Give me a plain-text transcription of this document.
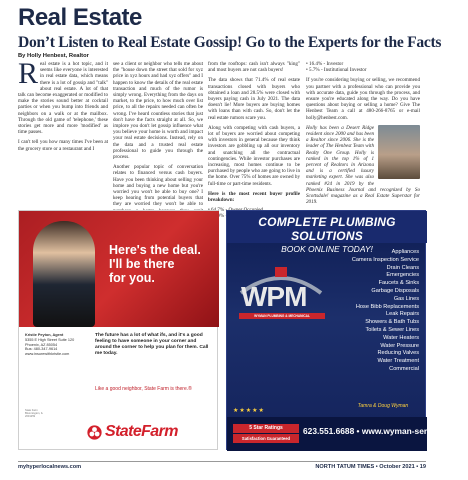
Real Estate
Don’t Listen to Real Estate Gossip! Go to the Experts for the Facts
By Holly Henbest, Realtor

Real estate is a hot topic, and it seems like everyone is interested in real estate data, which means there is a lot of gossip and "talk" about real estate. A lot of that talk can become exaggerated or modified to make the stories sound better at cocktail parties or when you bump into friends and neighbors on a walk or at the mailbox. Through the old game of 'telephone,' these stories get more and more 'modified' as time passes.

I can't tell you how many times I've been at the grocery store or a restaurant and I

see a client or neighbor who tells me about the "house down the street that sold for xyz price in xyz hours and had xyz offers" and I happen to know the details of the real estate transaction and much of the rumor is simply wrong. Everything from the days on market, to the price, to how much over list price, to all the repairs needed can often be wrong. I've heard countless stories that just don't have the facts straight at all. So, we implore you don't let gossip influence what you believe your home is worth and impact your real estate decisions. Instead, rely on the data and a trusted real estate professional to guide you through the process.

Another popular topic of conversation relates to financed versus cash buyers. Have you been thinking about selling your home and buying a new home but you're worried you won't be able to buy one? I keep hearing from potential buyers that they are worried they won't be able to

from the rooftops: cash isn't always "king" and most buyers are not cash buyers!

The data shows that 71.4% of real estate transactions closed with buyers who obtained a loan and 28.5% were closed with buyers paying cash in July 2021. The data doesn't lie! More buyers are buying homes with loans than with cash. So, don't let the real estate rumors scare you.

Along with competing with cash buyers, a lot of buyers are worried about competing with investors in general because they think investors are gobbling up all our inventory and snatching all the contractual contingencies. While investor purchases are increasing, most homes continue to be purchased by people who are going to live in the home. Over 75% of homes are owned by full-time or part-time residents.

Here is the most recent buyer profile breakdown:

• 16.4% - Investor
• 5.7% - Institutional Investor

If you're considering buying or selling, we recommend you partner with a professional who can provide you with accurate data, guide you through the process, and ensure you're educated along the way. Do you have questions about buying or selling a home? Give The Henbest Team a call at 480-266-8765 or e-mail holly@henbest.com.

Holly has been a Desert Ridge resident since 2000 and has been a Realtor since 2006. She is the leader of The Henbest Team with Realty One Group. Holly is ranked in the top 1% of 1 percent of Realtors in Arizona and is a certified luxury marketing expert. She was also ranked #24 in 2019 by the Phoenix Business Journal and recognized by So Scottsdale! magazine as a Real Estate Superstar for 2019.

Here's the deal.
I'll be there
for you.
Kristie Peyton, Agent
5355 E High Street Suite 120
Phoenix, AZ 85054
Bus: 480-347-9614
www.insurewithkristie.com
The future has a lot of what ifs, and it's a good feeling to have someone in your corner and around the corner to help you plan for them. Call me today.
Like a good neighbor, State Farm is there.®
State Farm
Bloomington, IL
2001259
StateFarm
COMPLETE PLUMBING SOLUTIONS
BOOK ONLINE TODAY!
WPM
WYMAN PLUMBING & MECHANICAL
Appliances
Camera Inspection Service
Drain Cleans
Emergencies
Faucets & Sinks
Garbage Disposals
Gas Lines
Hose Bibb Replacements
Leak Repairs
Showers & Bath Tubs
Toilets & Sewer Lines
Water Heaters
Water Pressure
Reducing Valves
Water Treatment
Commercial
Tamra & Doug Wyman
★★★★★
5 Star Ratings
Satisfaction Guaranteed
623.551.6688 • www.wyman-services.com
myhyperlocalnews.com	NORTH TATUM TIMES • October 2021 • 19
